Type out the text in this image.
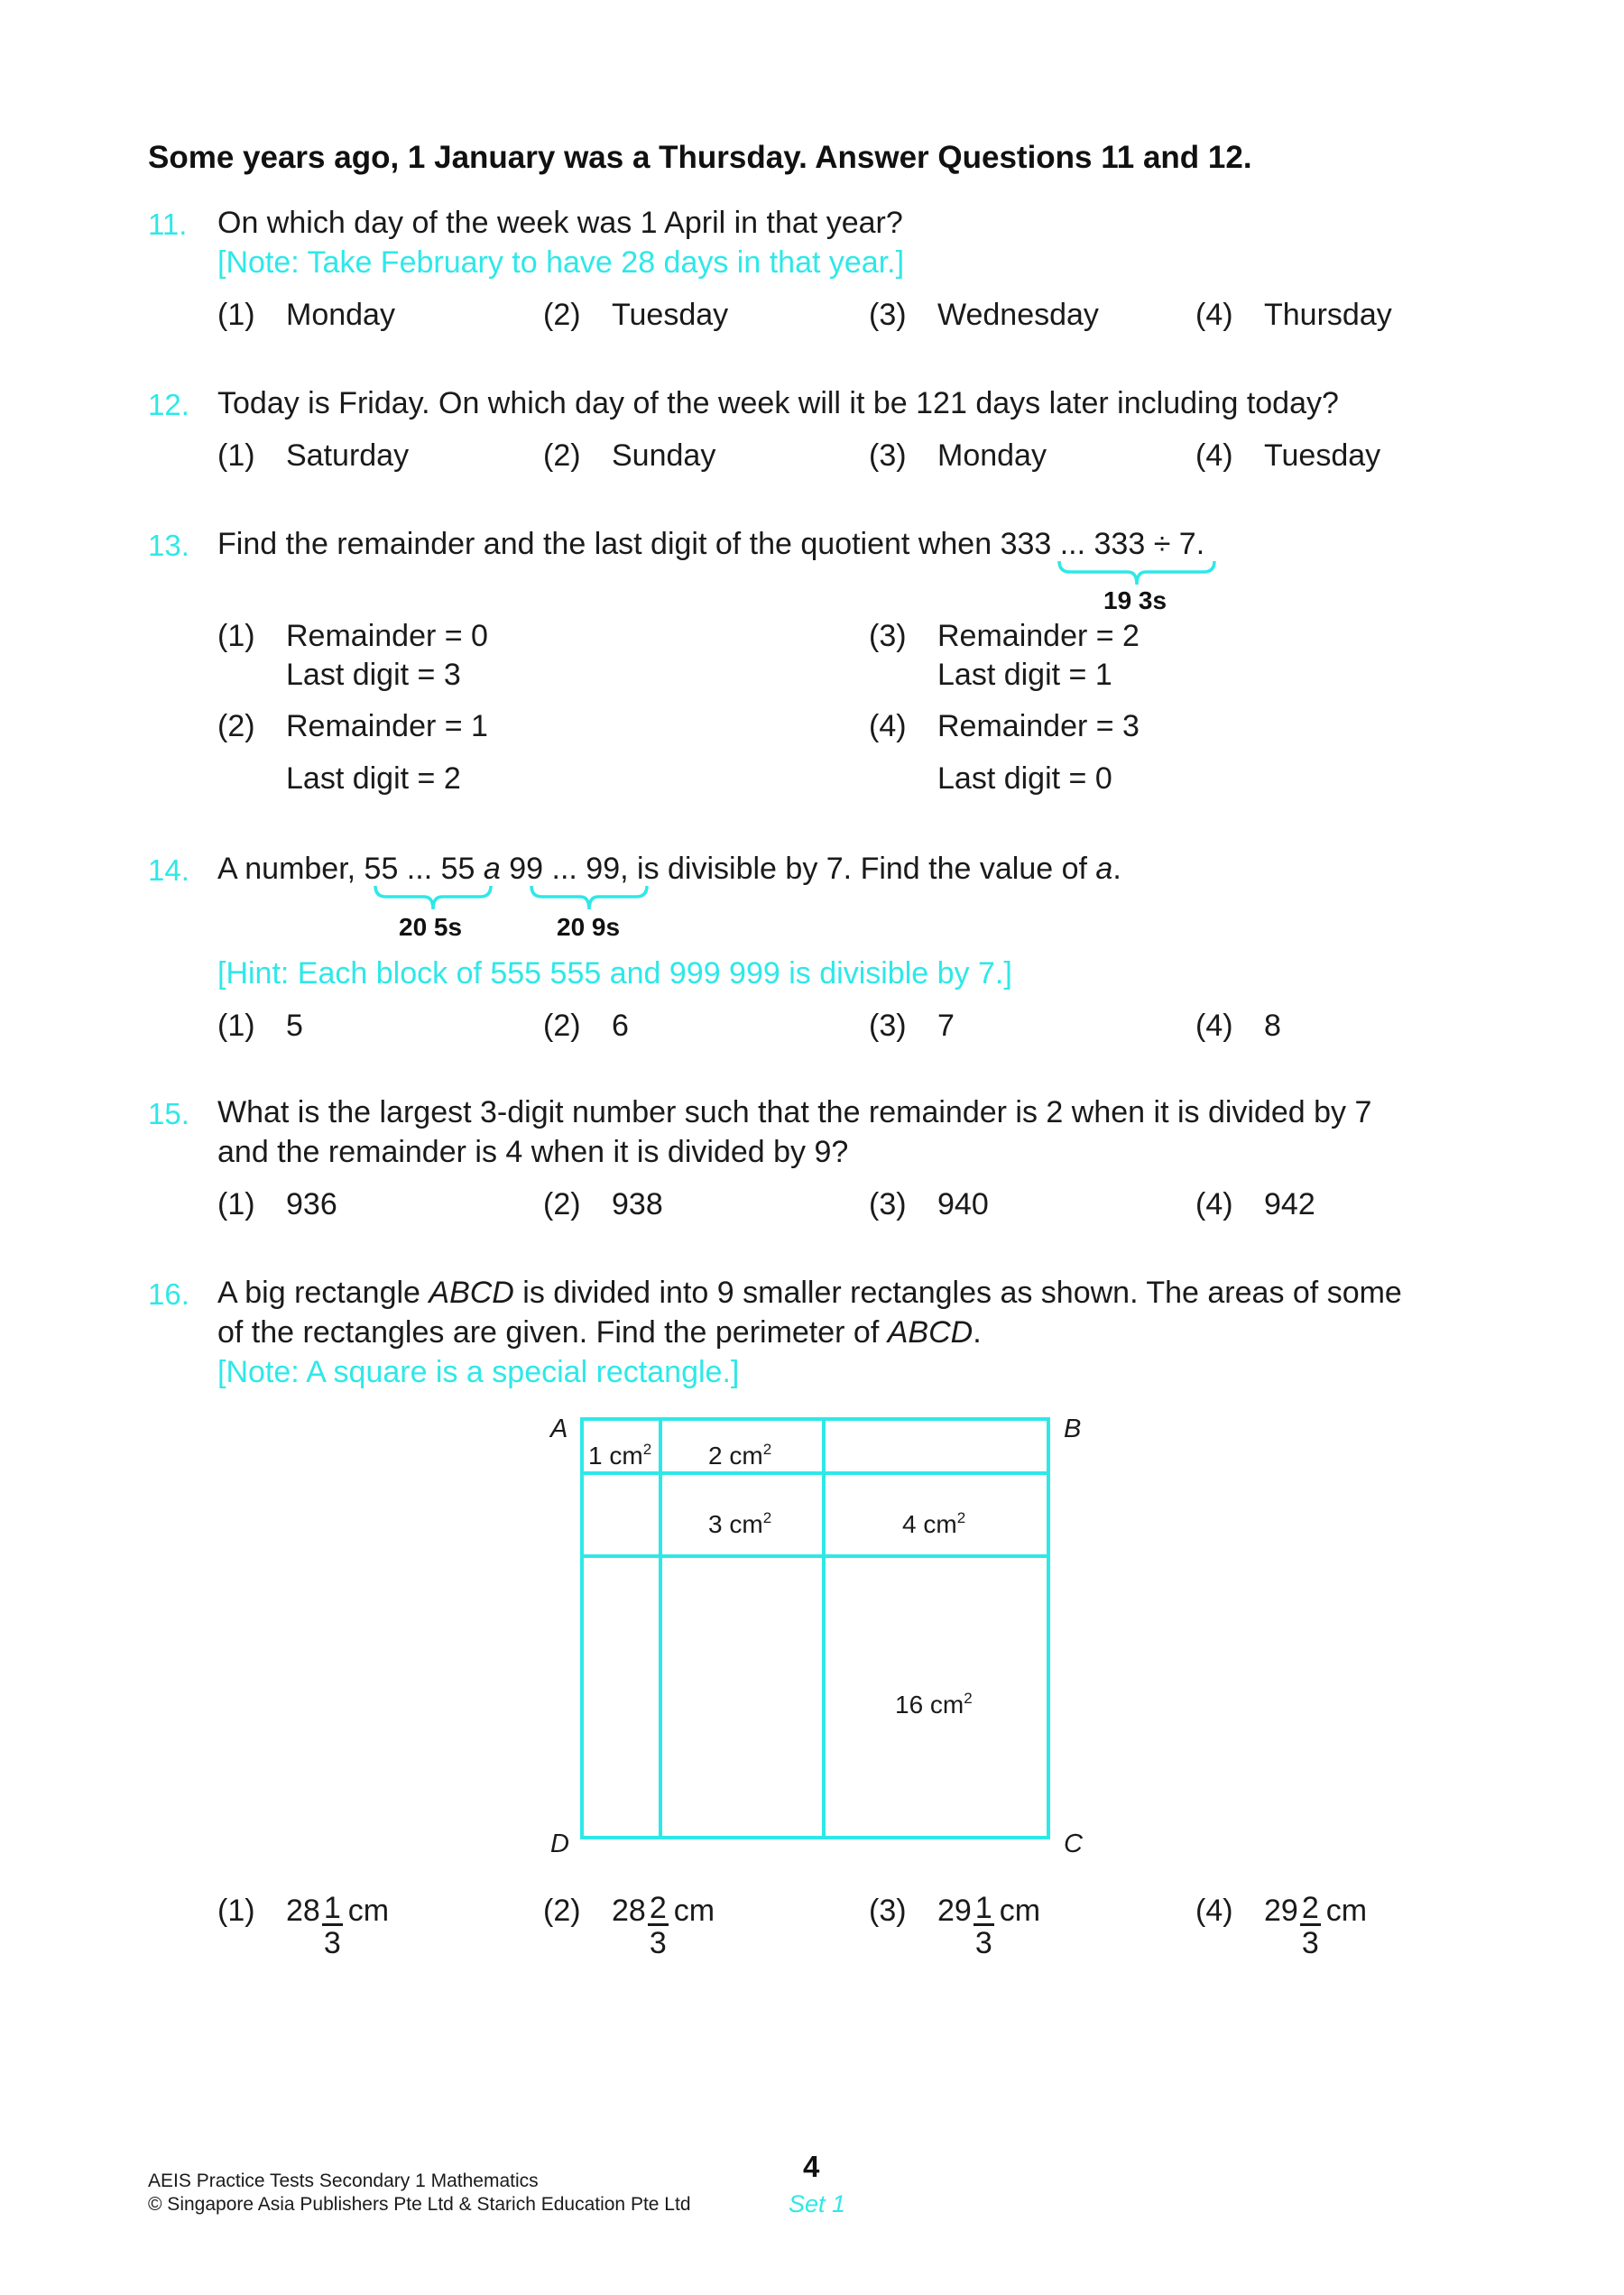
Some years ago, 1 January was a Thursday. Answer Questions 11 and 12.
11. On which day of the week was 1 April in that year?
[Note: Take February to have 28 days in that year.]
(1) Monday	(2) Tuesday	(3) Wednesday	(4) Thursday
12. Today is Friday. On which day of the week will it be 121 days later including today?
(1) Saturday	(2) Sunday	(3) Monday	(4) Tuesday
13. Find the remainder and the last digit of the quotient when 333 ... 333 ÷ 7.
19 3s
(1) Remainder = 0
Last digit = 3
(2) Remainder = 1
Last digit = 2
(3) Remainder = 2
Last digit = 1
(4) Remainder = 3
Last digit = 0
14. A number, 55 ... 55 a 99 ... 99, is divisible by 7. Find the value of a.
20 5s	20 9s
[Hint: Each block of 555 555 and 999 999 is divisible by 7.]
(1) 5	(2) 6	(3) 7	(4) 8
15. What is the largest 3-digit number such that the remainder is 2 when it is divided by 7
and the remainder is 4 when it is divided by 9?
(1) 936	(2) 938	(3) 940	(4) 942
16. A big rectangle ABCD is divided into 9 smaller rectangles as shown. The areas of some
of the rectangles are given. Find the perimeter of ABCD.
[Note: A square is a special rectangle.]
A	B
C
D
1 $cm^2$ 2 $cm^2$
3 $cm^2$	4 $cm^2$
16 $cm^2$
(1)	$28 \frac{1}{3}$ cm	(2)	$28 \frac{2}{3}$ cm	(3)	$29 \frac{1}{3}$ cm	(4)	$29 \frac{2}{3}$ cm
AEIS Practice Tests Secondary 1 Mathematics
© Singapore Asia Publishers Pte Ltd & Starich Education Pte Ltd
4
Set 1
